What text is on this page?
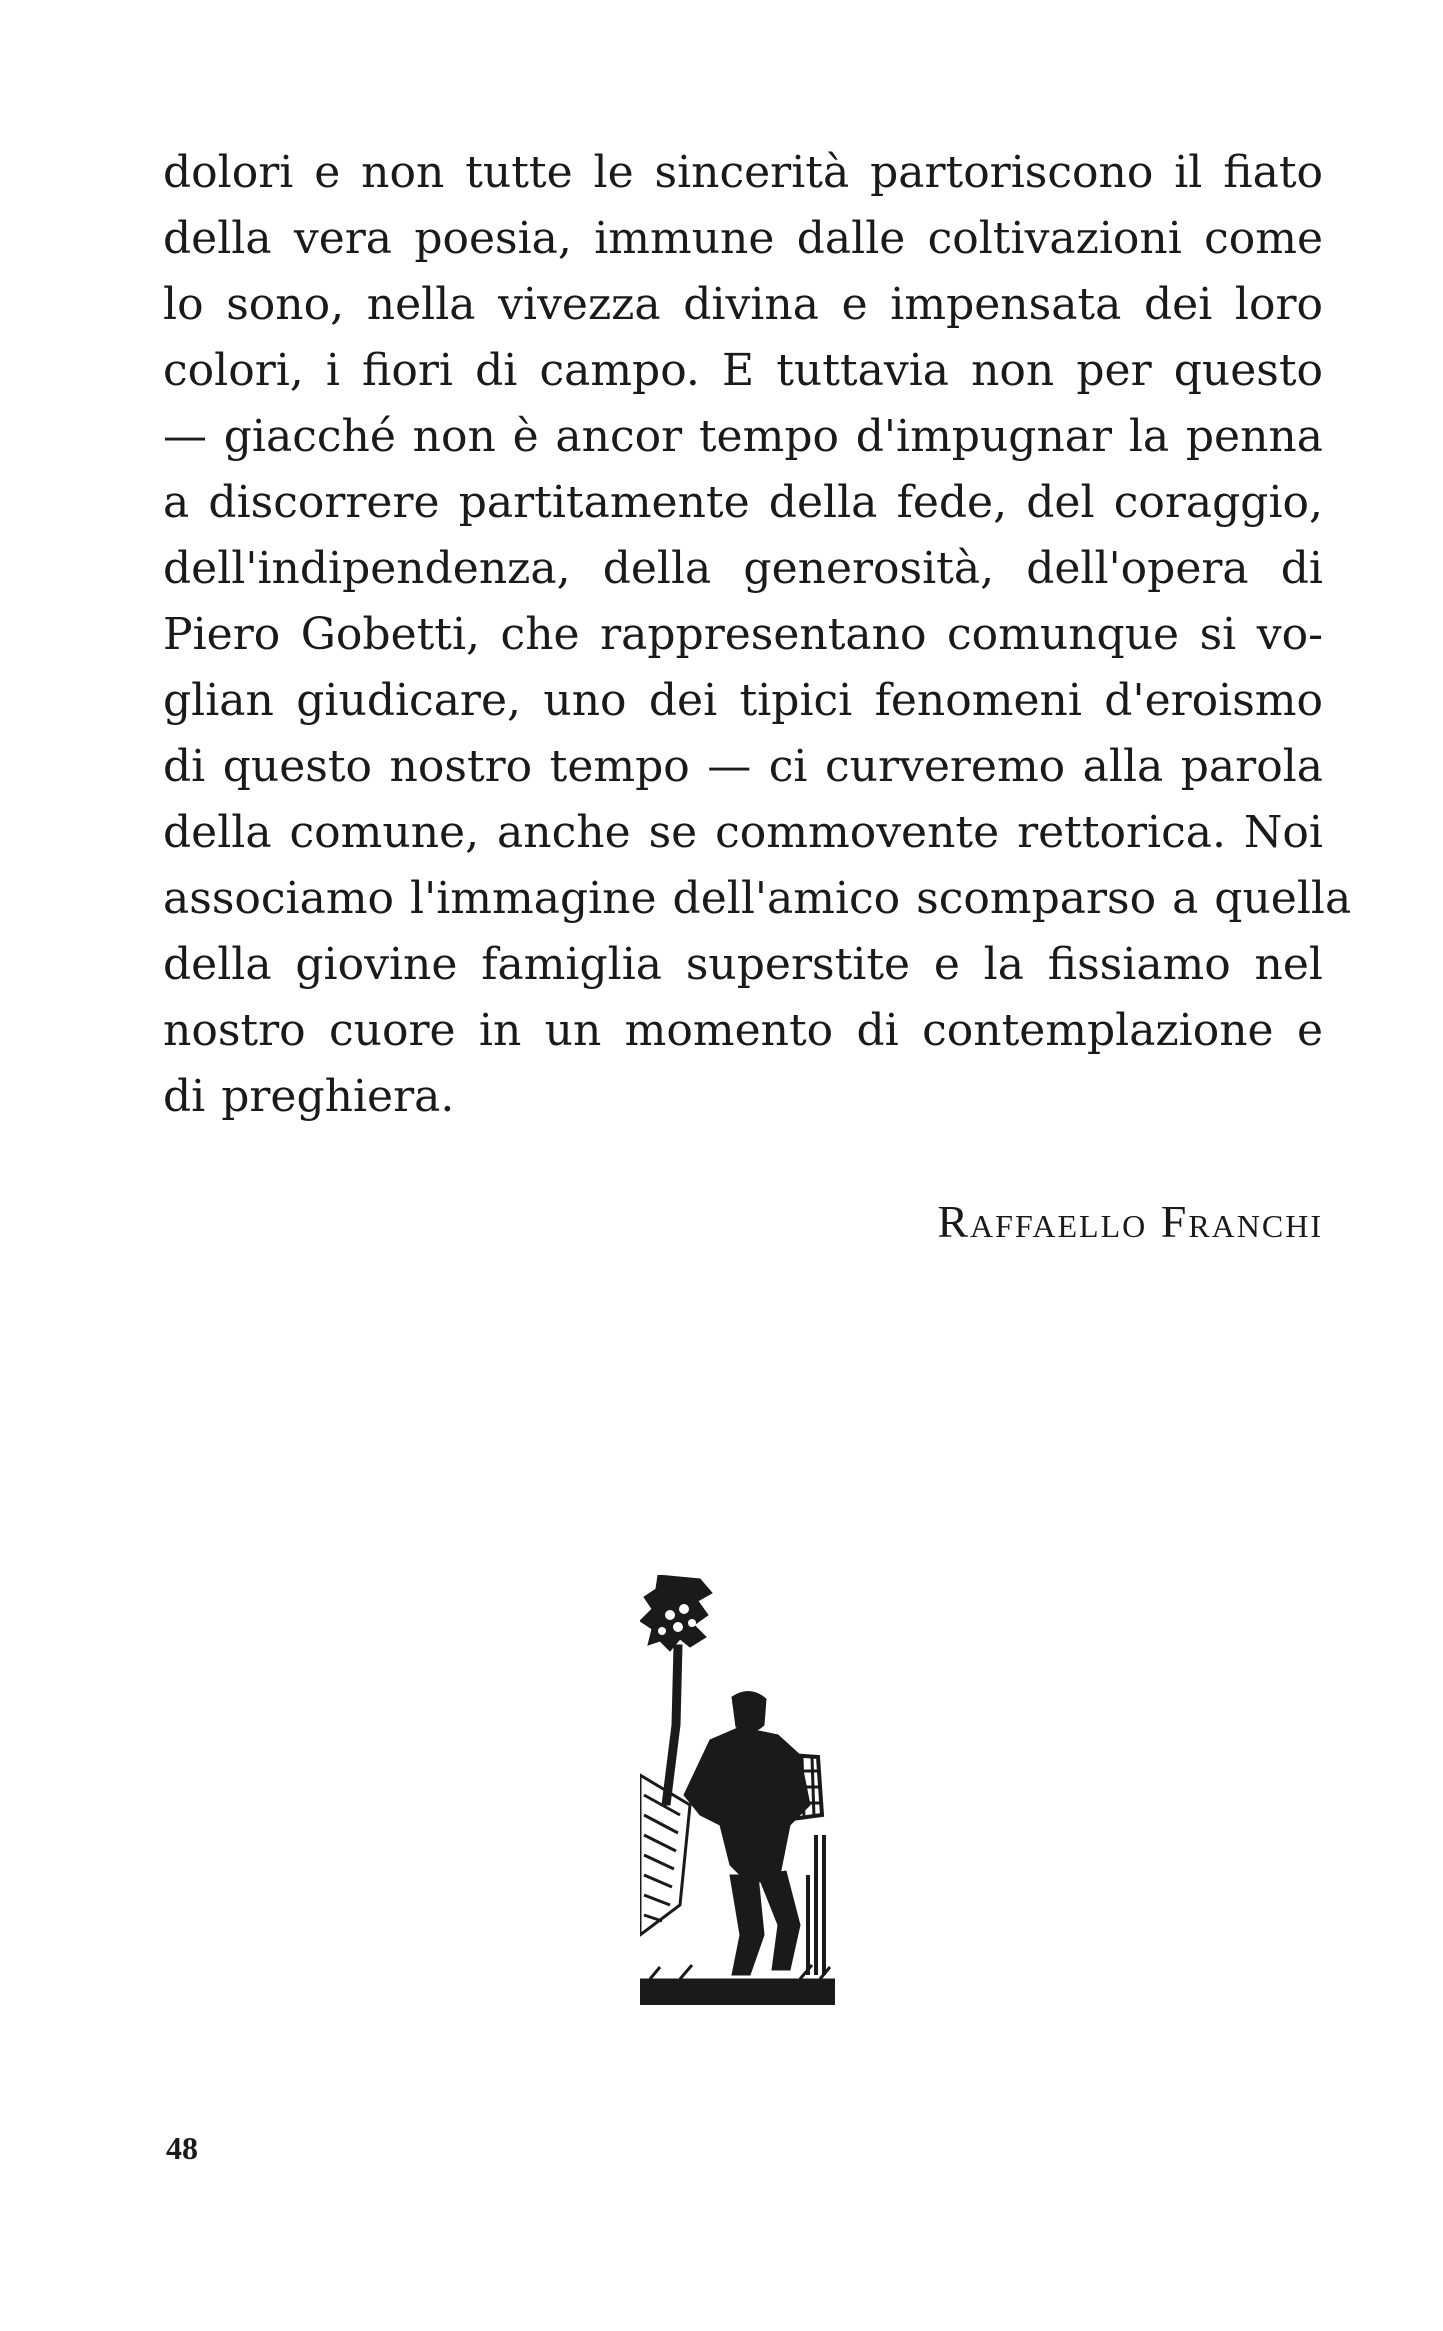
dolori e non tutte le sincerità partoriscono il fiato
della vera poesia, immune dalle coltivazioni come
lo sono, nella vivezza divina e impensata dei loro
colori, i fiori di campo. E tuttavia non per questo
— giacché non è ancor tempo d'impugnar la penna
a discorrere partitamente della fede, del coraggio,
dell'indipendenza, della generosità, dell'opera di
Piero Gobetti, che rappresentano comunque si vo-
glian giudicare, uno dei tipici fenomeni d'eroismo
di questo nostro tempo — ci curveremo alla parola
della comune, anche se commovente rettorica. Noi
associamo l'immagine dell'amico scomparso a quella
della giovine famiglia superstite e la fissiamo nel
nostro cuore in un momento di contemplazione e
di preghiera.
Raffaello Franchi
48
